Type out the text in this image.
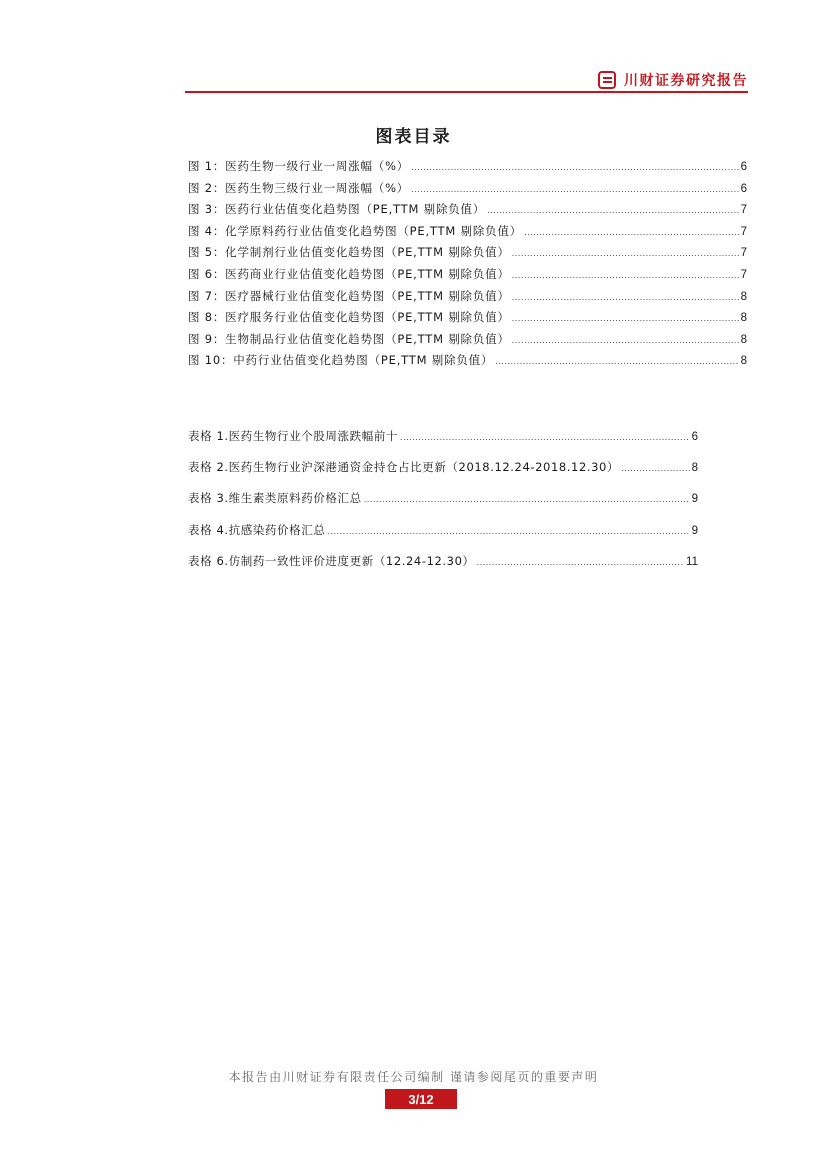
川财证券研究报告
图表目录
图 1：医药生物一级行业一周涨幅（%） .....	6
图 2：医药生物三级行业一周涨幅（%） .....	6
图 3：医药行业估值变化趋势图（PE,TTM 剔除负值） .....	7
图 4：化学原料药行业估值变化趋势图（PE,TTM 剔除负值） .....	7
图 5：化学制剂行业估值变化趋势图（PE,TTM 剔除负值） .....	7
图 6：医药商业行业估值变化趋势图（PE,TTM 剔除负值） .....	7
图 7：医疗器械行业估值变化趋势图（PE,TTM 剔除负值） .....	8
图 8：医疗服务行业估值变化趋势图（PE,TTM 剔除负值） .....	8
图 9：生物制品行业估值变化趋势图（PE,TTM 剔除负值） .....	8
图 10：中药行业估值变化趋势图（PE,TTM 剔除负值） .....	8
表格 1.医药生物行业个股周涨跌幅前十 .....	6
表格 2.医药生物行业沪深港通资金持仓占比更新（2018.12.24-2018.12.30） .....	8
表格 3.维生素类原料药价格汇总 .....	9
表格 4.抗感染药价格汇总 .....	9
表格 6.仿制药一致性评价进度更新（12.24-12.30） .....	11
本报告由川财证券有限责任公司编制 谨请参阅尾页的重要声明
3/12
